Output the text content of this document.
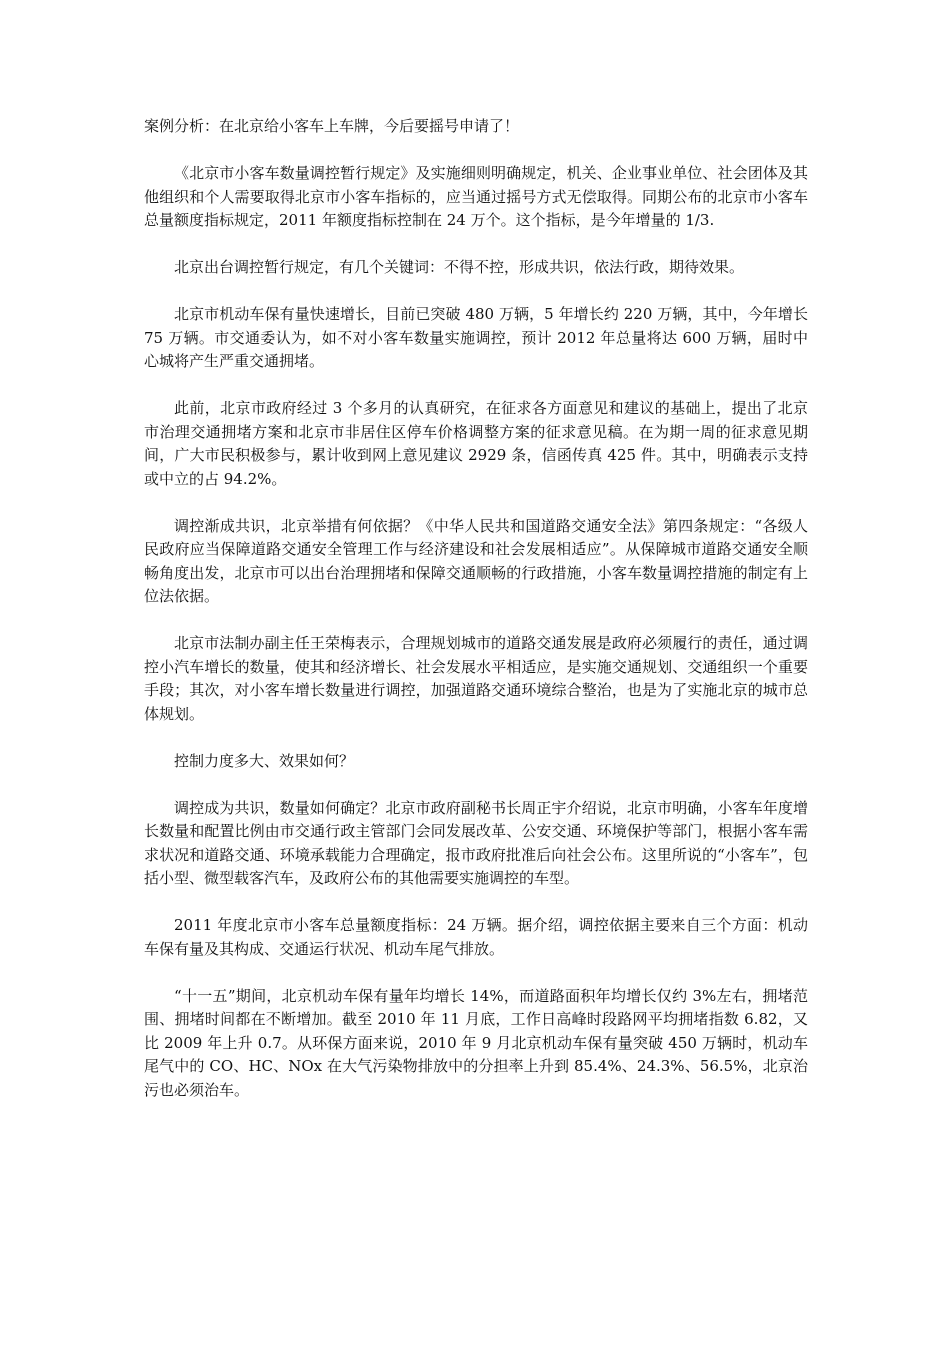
案例分析：在北京给小客车上车牌，今后要摇号申请了！

《北京市小客车数量调控暂行规定》及实施细则明确规定，机关、企业事业单位、社会团体及其他组织和个人需要取得北京市小客车指标的，应当通过摇号方式无偿取得。同期公布的北京市小客车总量额度指标规定，2011 年额度指标控制在 24 万个。这个指标，是今年增量的 1/3.

北京出台调控暂行规定，有几个关键词：不得不控，形成共识，依法行政，期待效果。

北京市机动车保有量快速增长，目前已突破 480 万辆，5 年增长约 220 万辆，其中，今年增长 75 万辆。市交通委认为，如不对小客车数量实施调控，预计 2012 年总量将达 600 万辆，届时中心城将产生严重交通拥堵。

此前，北京市政府经过 3 个多月的认真研究，在征求各方面意见和建议的基础上，提出了北京市治理交通拥堵方案和北京市非居住区停车价格调整方案的征求意见稿。在为期一周的征求意见期间，广大市民积极参与，累计收到网上意见建议 2929 条，信函传真 425 件。其中，明确表示支持或中立的占 94.2%。

调控渐成共识，北京举措有何依据？《中华人民共和国道路交通安全法》第四条规定：“各级人民政府应当保障道路交通安全管理工作与经济建设和社会发展相适应”。从保障城市道路交通安全顺畅角度出发，北京市可以出台治理拥堵和保障交通顺畅的行政措施，小客车数量调控措施的制定有上位法依据。

北京市法制办副主任王荣梅表示，合理规划城市的道路交通发展是政府必须履行的责任，通过调控小汽车增长的数量，使其和经济增长、社会发展水平相适应，是实施交通规划、交通组织一个重要手段；其次，对小客车增长数量进行调控，加强道路交通环境综合整治，也是为了实施北京的城市总体规划。

控制力度多大、效果如何？

调控成为共识，数量如何确定？北京市政府副秘书长周正宇介绍说，北京市明确，小客车年度增长数量和配置比例由市交通行政主管部门会同发展改革、公安交通、环境保护等部门，根据小客车需求状况和道路交通、环境承载能力合理确定，报市政府批准后向社会公布。这里所说的“小客车”，包括小型、微型载客汽车，及政府公布的其他需要实施调控的车型。

2011 年度北京市小客车总量额度指标：24 万辆。据介绍，调控依据主要来自三个方面：机动车保有量及其构成、交通运行状况、机动车尾气排放。

“十一五”期间，北京机动车保有量年均增长 14%，而道路面积年均增长仅约 3%左右，拥堵范围、拥堵时间都在不断增加。截至 2010 年 11 月底，工作日高峰时段路网平均拥堵指数 6.82，又比 2009 年上升 0.7。从环保方面来说，2010 年 9 月北京机动车保有量突破 450 万辆时，机动车尾气中的 CO、HC、NOx 在大气污染物排放中的分担率上升到 85.4%、24.3%、56.5%，北京治污也必须治车。
